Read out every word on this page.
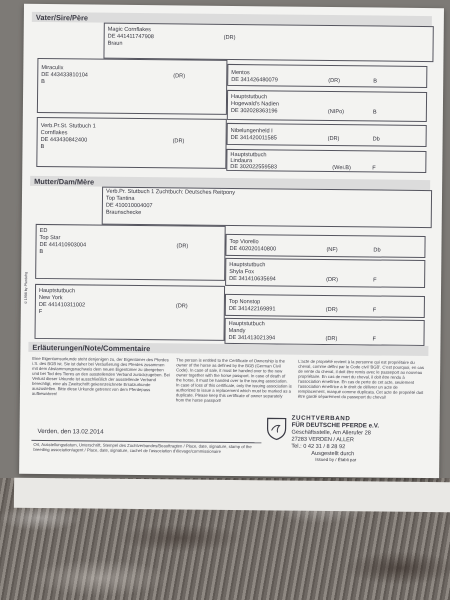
Vater/Sire/Père
Magic Cornflakes
DE 441411747908	(DR)
Braun
Miraculix
DE 443433810104	(DR)
B
Mentos
DE 341426480079	(DR)	B
Hauptstutbuch
Hogewald's Nadien
DE 302028363196	(NIPo)	B
Verb.Pr.St. Stutbuch 1
Cornflakes
DE 443430842400	(DR)
B
Nibelungenheld I
DE 341420011585	(DR)	Db
Hauptstutbuch
Lindaura
DE 302022559583	(Wei.B)	F
Mutter/Dam/Mère
Verb.Pr. Stutbuch 1 Zuchtbuch: Deutsches Reitpony
Top Tantina
DE 410010004007
Braunschecke
ED
Top Star
DE 441410903004	(DR)
B
Top Viorello
DE 402020140800	(NF)	Db
Hauptstutbuch
Shyla Fox
DE 341410635694	(DR)	F
Hauptstutbuch
New York
DE 441410311002	(DR)
F
Top Nonstop
DE 341422169891	(DR)	F
Hauptstutbuch
Mandy
DE 341413021394	(DR)	F
© 1998 by Pferdehg
Erläuterungen/Note/Commentaire
Eine Eigentumsurkunde steht denjenigen zu, der Eigentümer des Pferdes i.S. des BGB ist. Sie ist daher bei Veräußerung des Pferdes zusammen mit dem Abstammungsnachweis dem neuen Eigentümer zu übergeben und bei Tod des Tieres an den ausstellenden Verband zurückzugeben. Bei Verlust dieser Urkunde ist ausschließlich der ausstellende Verband berechtigt, eine als Zweitschrift gekennzeichnete Ersatzurkunde auszustellen. Bitte diese Urkunde getrennt von dem Pferdepass aufbewahren!
The person is entitled to the Certificate of Ownership is the owner of the horse as defined by the BGB (German Civil Code). In case of sale, it must be handed over to the new owner together with the horse passport. In case of death of the horse, it must be handed over to the issuing association. In case of loss of this certificate, only the issuing association is authorized to issue a replacement which must be marked as a duplicate. Please keep this certificate of owner separately from the horse passport!
L'acte de propriété revient à la personne qui est propriétaire du cheval, comme défini par le Code civil 'BGB'. C'est pourquoi, en cas de vente du cheval, il doit être remis avec le passeport au nouveau propriétaire. En cas de mort du cheval, il doit être rendu à l'association émettrice. En cas de perte de cet acte, seulement l'association émettrice a le droit de délivrer un acte de remplacement, marqué comme duplicata. Cet acte de propriété doit être gardé séparément du passeport du cheval!
Verden, den 13.02.2014
Ort, Ausstellungsdatum, Unterschrift, Stempel des Zuchtverbandes/Beauftragten / Place, date, signature, stamp of the breeding association/agent / Place, date, signature, cachet de l'association d'élevage/commissionaire
ZUCHTVERBAND
FÜR DEUTSCHE PFERDE e.V.
Geschäftsstelle, Am Allerufer 28
27283 VERDEN / ALLER
Tel.: 0 42 31 / 8 28 92
Ausgestellt durch
Issued by / Établi par
